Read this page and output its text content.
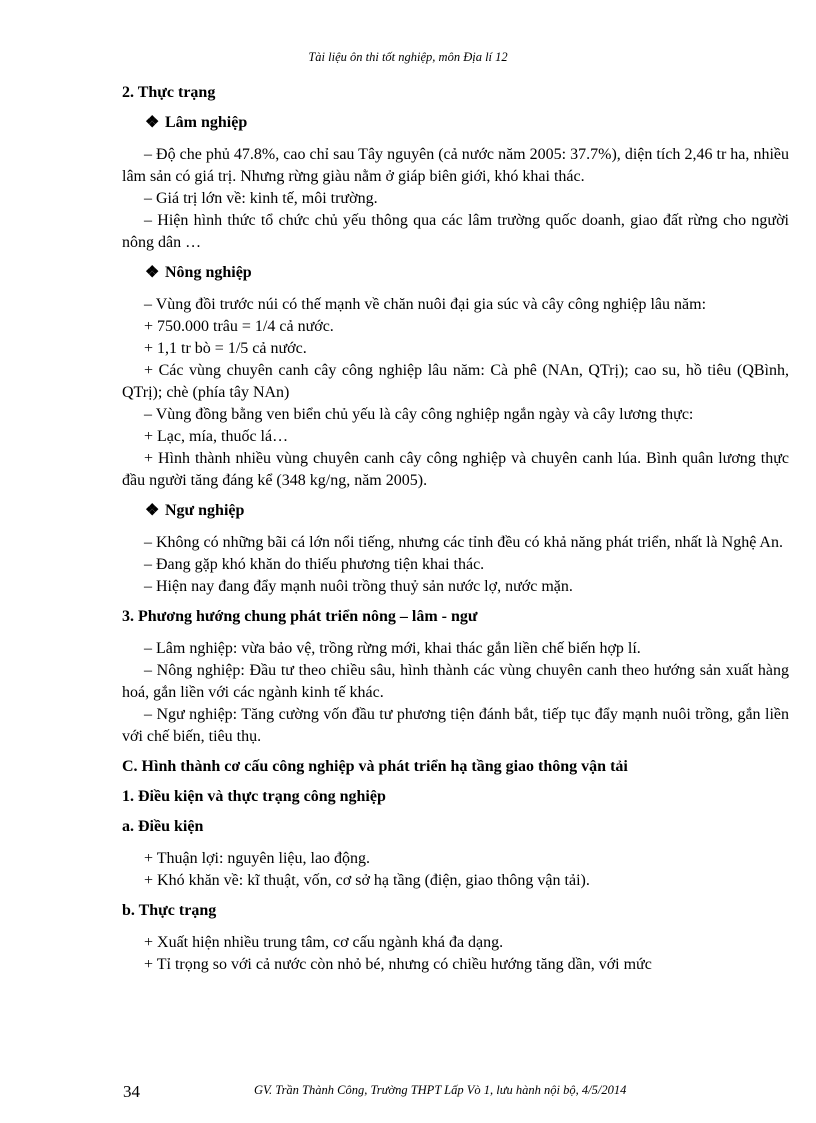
Tài liệu ôn thi tốt nghiệp, môn Địa lí 12

2. Thực trạng

❖ Lâm nghiệp

– Độ che phủ 47.8%, cao chỉ sau Tây nguyên (cả nước năm 2005: 37.7%), diện tích 2,46 tr ha, nhiều lâm sản có giá trị. Nhưng rừng giàu nằm ở giáp biên giới, khó khai thác.

– Giá trị lớn về: kinh tế, môi trường.

– Hiện hình thức tổ chức chủ yếu thông qua các lâm trường quốc doanh, giao đất rừng cho người nông dân …

❖ Nông nghiệp

– Vùng đồi trước núi có thế mạnh về chăn nuôi đại gia súc và cây công nghiệp lâu năm:

+ 750.000 trâu = 1/4 cả nước.

+ 1,1 tr bò = 1/5 cả nước.

+ Các vùng chuyên canh cây công nghiệp lâu năm: Cà phê (NAn, QTrị); cao su, hồ tiêu (QBình, QTrị); chè (phía tây NAn)

– Vùng đồng bằng ven biển chủ yếu là cây công nghiệp ngắn ngày và cây lương thực:

+ Lạc, mía, thuốc lá…

+ Hình thành nhiều vùng chuyên canh cây công nghiệp và chuyên canh lúa. Bình quân lương thực đầu người tăng đáng kể (348 kg/ng, năm 2005).

❖ Ngư nghiệp

– Không có những bãi cá lớn nổi tiếng, nhưng các tỉnh đều có khả năng phát triển, nhất là Nghệ An.

– Đang gặp khó khăn do thiếu phương tiện khai thác.

– Hiện nay đang đẩy mạnh nuôi trồng thuỷ sản nước lợ, nước mặn.

3. Phương hướng chung phát triển nông – lâm - ngư

– Lâm nghiệp: vừa bảo vệ, trồng rừng mới, khai thác gắn liền chế biến hợp lí.

– Nông nghiệp: Đầu tư theo chiều sâu, hình thành các vùng chuyên canh theo hướng sản xuất hàng hoá, gắn liền với các ngành kinh tế khác.

– Ngư nghiệp: Tăng cường vốn đầu tư phương tiện đánh bắt, tiếp tục đẩy mạnh nuôi trồng, gắn liền với chế biến, tiêu thụ.

C. Hình thành cơ cấu công nghiệp và phát triển hạ tầng giao thông vận tải

1. Điều kiện và thực trạng công nghiệp

a. Điều kiện

+ Thuận lợi: nguyên liệu, lao động.

+ Khó khăn về: kĩ thuật, vốn, cơ sở hạ tầng (điện, giao thông vận tải).

b. Thực trạng

+ Xuất hiện nhiều trung tâm, cơ cấu ngành khá đa dạng.

+ Tỉ trọng so với cả nước còn nhỏ bé, nhưng có chiều hướng tăng dần, với mức

34	GV. Trần Thành Công, Trường THPT Lấp Vò 1, lưu hành nội bộ, 4/5/2014
